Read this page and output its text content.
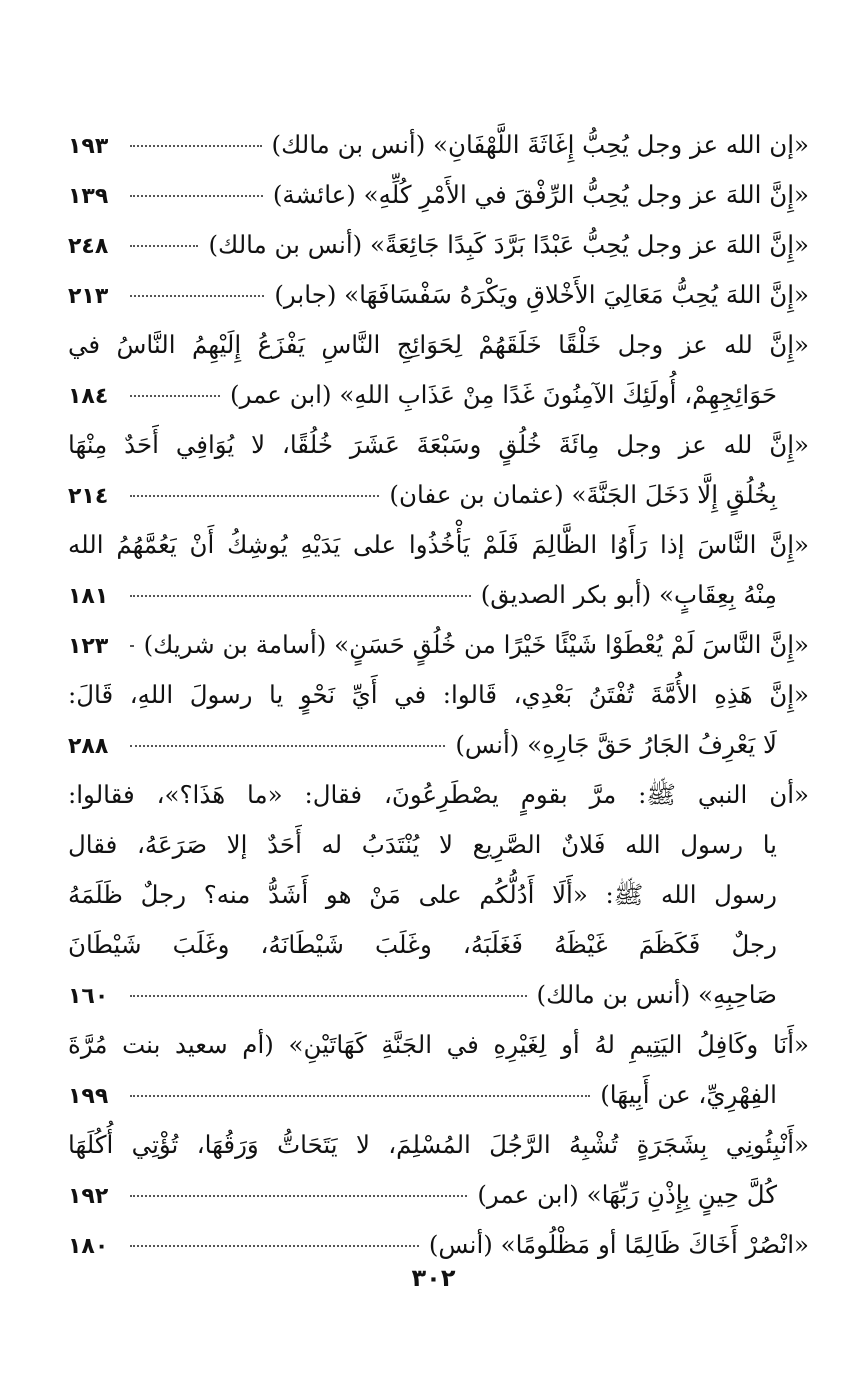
«إن الله عز وجل يُحِبُّ إِغَاثَةَ اللَّهْفَانِ» (أنس بن مالك)
١٩٣
«إِنَّ اللهَ عز وجل يُحِبُّ الرِّفْقَ في الأَمْرِ كُلِّهِ» (عائشة)
١٣٩
«إِنَّ اللهَ عز وجل يُحِبُّ عَبْدًا بَرَّدَ كَبِدًا جَائِعَةً» (أنس بن مالك)
٢٤٨
«إِنَّ اللهَ يُحِبُّ مَعَالِيَ الأَخْلاقِ ويَكْرَهُ سَفْسَافَهَا» (جابر)
٢١٣
«إِنَّ لله عز وجل خَلْقًا خَلَقَهُمْ لِحَوَائِجِ النَّاسِ يَفْزَعُ إِلَيْهِمُ النَّاسُ في
حَوَائِجِهِمْ، أُولَئِكَ الآمِنُونَ غَدًا مِنْ عَذَابِ اللهِ» (ابن عمر)
١٨٤
«إِنَّ لله عز وجل مِائَةَ خُلُقٍ وسَبْعَةَ عَشَرَ خُلُقًا، لا يُوَافِي أَحَدٌ مِنْهَا
بِخُلُقٍ إِلَّا دَخَلَ الجَنَّةَ» (عثمان بن عفان)
٢١٤
«إِنَّ النَّاسَ إذا رَأَوُا الظَّالِمَ فَلَمْ يَأْخُذُوا على يَدَيْهِ يُوشِكُ أَنْ يَعُمَّهُمُ الله
مِنْهُ بِعِقَابٍ» (أبو بكر الصديق)
١٨١
«إِنَّ النَّاسَ لَمْ يُعْطَوْا شَيْئًا خَيْرًا من خُلُقٍ حَسَنٍ» (أسامة بن شريك)
١٢٣
«إِنَّ هَذِهِ الأُمَّةَ تُفْتَنُ بَعْدِي، قَالوا: في أَيِّ نَحْوٍ يا رسولَ اللهِ، قَالَ:
لَا يَعْرِفُ الجَارُ حَقَّ جَارِهِ» (أنس)
٢٨٨
«أن النبي ﷺ: مرَّ بقومٍ يصْطَرِعُونَ، فقال: «ما هَذَا؟»، فقالوا:
يا رسول الله فَلانٌ الصَّرِيع لا يُنْتَدَبُ له أَحَدٌ إلا صَرَعَهُ، فقال
رسول الله ﷺ: «أَلَا أَدُلُّكُم على مَنْ هو أَشَدُّ منه؟ رجلٌ ظَلَمَهُ
رجلٌ فَكَظَمَ غَيْظَهُ فَغَلَبَهُ، وغَلَبَ شَيْطَانَهُ، وغَلَبَ شَيْطَانَ
صَاحِبِهِ» (أنس بن مالك)
١٦٠
«أَنَا وكَافِلُ اليَتِيمِ لهُ أو لِغَيْرِهِ في الجَنَّةِ كَهَاتَيْنِ» (أم سعيد بنت مُرَّةَ
الفِهْرِيِّ، عن أَبِيهَا)
١٩٩
«أَنْبِئُونِي بِشَجَرَةٍ تُشْبِهُ الرَّجُلَ المُسْلِمَ، لا يَتَحَاتُّ وَرَقُهَا، تُؤْتِي أُكُلَهَا
كُلَّ حِينٍ بِإِذْنِ رَبِّهَا» (ابن عمر)
١٩٢
«انْصُرْ أَخَاكَ ظَالِمًا أو مَظْلُومًا» (أنس)
١٨٠
٣٠٢
